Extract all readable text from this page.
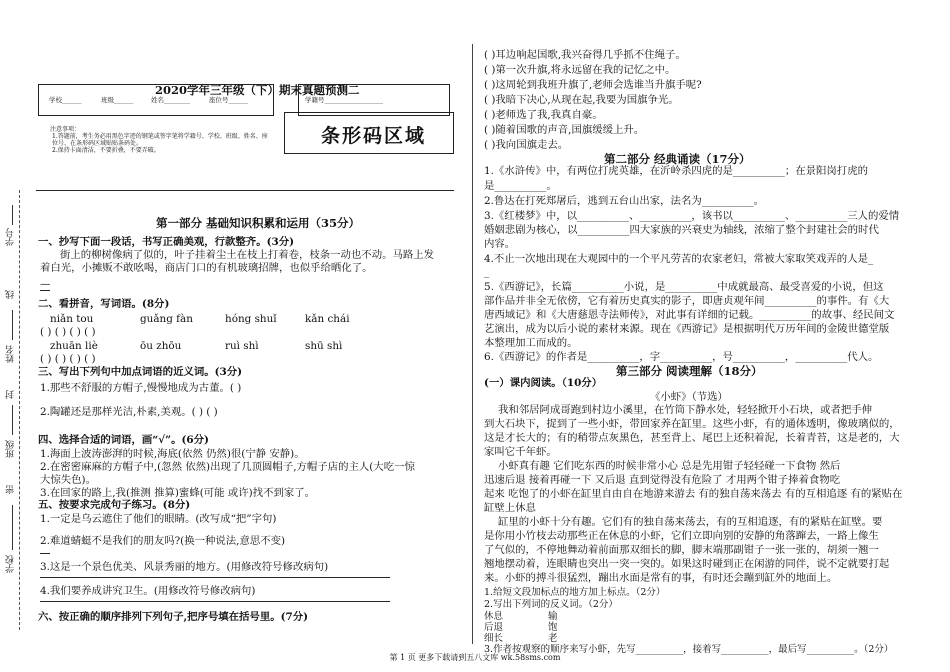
学号
线
姓名
封
班级
密
学校
2020学年三年级（下）期末真题预测二
学校______	班级______	姓名________	座位号______	学籍号__________________
注意事项：
1.答题前，考生务必用黑色字迹的钢笔或签字笔将学籍号、学校、班级、姓名、座
位号、在条形码区域贴贴条码处。
2.保持卡面清洁，不要折叠，不要弄破。
条形码区域
第一部分 基础知识积累和运用（35分）
一、抄写下面一段话，书写正确美观，行款整齐。(3分)
街上的柳树像病了似的，叶子挂着尘土在枝上打着卷，枝条一动也不动。马路上发
着白光，小摊贩不敢吆喝，商店门口的有机玻璃招牌，也似乎给晒化了。
—
二、看拼音，写词语。(8分)
niǎn tou	guǎng fàn	hóng shuǐ	kǎn chái
( ) ( ) ( ) ( )
zhuān liè	ōu zhōu	ruì shì	shū shì
( ) ( ) ( ) ( )
三、写出下列句中加点词语的近义词。(3分)
1.那些不舒服的方帽子,慢慢地成为古董。( )
2.陶罐还是那样光洁,朴素,美观。( ) ( )
四、选择合适的词语，画“√”。(6分)
1.海面上波涛澎湃的时候,海底(依然 仍然)很(宁静 安静)。
2.在密密麻麻的方帽子中,(忽然 依然)出现了几顶圆帽子,方帽子店的主人(大吃一惊
大惊失色)。
3.在回家的路上,我(推测 推算)蜜蜂(可能 或许)找不到家了。
五、按要求完成句子练习。(8分)
1.一定是乌云遮住了他们的眼睛。(改写成“把”字句)
2.难道蜻蜓不是我们的朋友吗?(换一种说法,意思不变)
3.这是一个景色优美、风景秀丽的地方。(用修改符号修改病句)
4.我们要养成讲究卫生。(用修改符号修改病句)
六、按正确的顺序排列下列句子,把序号填在括号里。(7分)
( )耳边响起国歌,我兴奋得几乎抓不住绳子。
( )第一次升旗,将永远留在我的记忆之中。
( )这周轮到我班升旗了,老师会选谁当升旗手呢?
( )我暗下决心,从现在起,我要为国旗争光。
( )老师选了我,我真自豪。
( )随着国歌的声音,国旗缓缓上升。
( )我向国旗走去。
第二部分 经典诵读（17分）
1.《水浒传》中，有两位打虎英雄，在沂岭杀四虎的是__________；在景阳岗打虎的
是__________。
2.鲁达在打死郑屠后，逃到五台山出家，法名为__________。
3.《红楼梦》中，以__________、__________，该书以__________、__________三人的爱情
婚姻悲剧为核心，以__________四大家族的兴衰史为轴线，浓缩了整个封建社会的时代
内容。
4.不止一次地出现在大观园中的一个平凡劳苦的农家老妇，常被大家取笑戏弄的人是_
_
5.《西游记》，长篇__________小说，是__________中成就最高、最受喜爱的小说，但这
部作品并非全无依傍，它有着历史真实的影子，即唐贞观年间__________的事件。有《大
唐西域记》和《大唐慈恩寺法师传》，对此事有详细的记载。__________的故事、经民间文
艺演出，成为以后小说的素材来源。现在《西游记》是根据明代万历年间的金陵世德堂版
本整理加工而成的。
6.《西游记》的作者是__________，字__________，号__________，__________代人。
第三部分 阅读理解（18分）
(一）课内阅读。（10分）
《小虾》（节选）
我和邻居阿成哥跑到村边小溪里，在竹筒下静水处，轻轻掀开小石块，或者把手伸
到大石块下，捉到了一些小虾，带回家养在缸里。这些小虾，有的通体透明，像玻璃似的，
这是才长大的；有的稍带点灰黑色，甚至背上、尾巴上还积着泥，长着青苔，这是老的，大
家叫它千年虾。
小虾真有趣 它们吃东西的时候非常小心 总是先用钳子轻轻碰一下食物 然后
迅速后退 接着再碰一下 又后退 直到觉得没有危险了 才用两个钳子捧着食物吃
起来 吃饱了的小虾在缸里自由自在地游来游去 有的独自荡来荡去 有的互相追逐 有的紧贴在
缸壁上休息
缸里的小虾十分有趣。它们有的独自荡来荡去，有的互相追逐，有的紧贴在缸壁。要
是你用小竹枝去动那些正在休息的小虾，它们立即向别的安静的角落蹿去，一路上像生
了气似的，不停地舞动着前面那双细长的脚，脚末端那副钳子一张一张的，胡须一翘一
翘地摆动着，连眼睛也突出一突一突的。如果这时碰到正在闲游的同伴，说不定就要打起
来。小虾的搏斗很猛烈，蹦出水面是常有的事，有时还会蹦到缸外的地面上。
1.给短文段加标点的地方加上标点。（2分）
2.写出下列词的反义词。（2分）
休息	输
后退	饱
细长	老
3.作者按观察的顺序来写小虾，先写__________，接着写__________，最后写__________。（2分）
第 1 页 更多下载请到五八文库 wk.58sms.com
